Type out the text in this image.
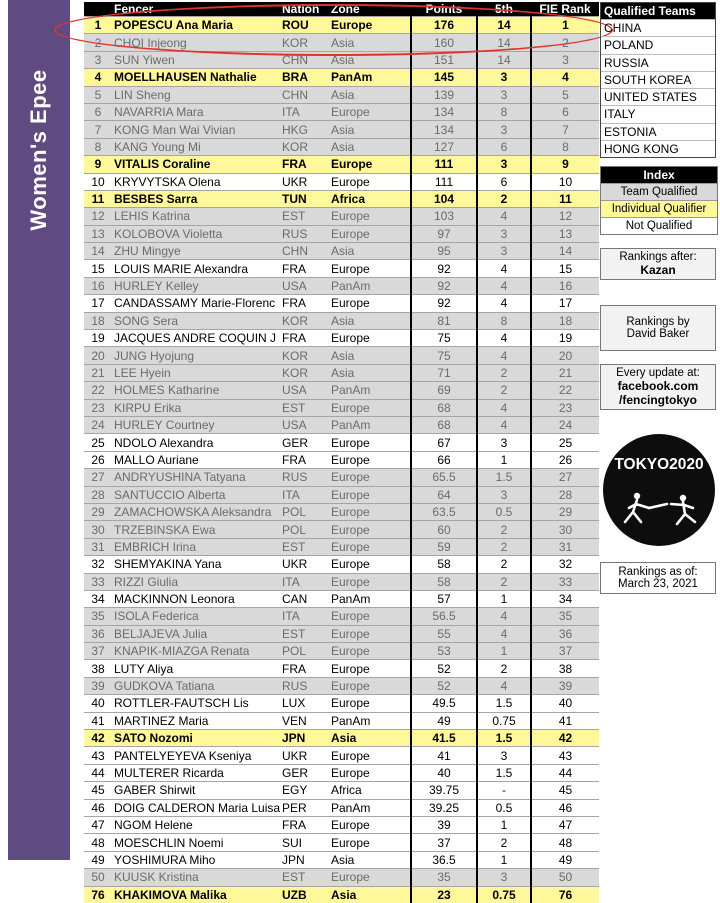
Women's Epee
	Fencer	Nation	Zone	Points	5th	FIE Rank
1	POPESCU Ana Maria	ROU	Europe	176	14	1
2	CHOI Injeong	KOR	Asia	160	14	2
3	SUN Yiwen	CHN	Asia	151	14	3
4	MOELLHAUSEN Nathalie	BRA	PanAm	145	3	4
5	LIN Sheng	CHN	Asia	139	3	5
6	NAVARRIA Mara	ITA	Europe	134	8	6
7	KONG Man Wai Vivian	HKG	Asia	134	3	7
8	KANG Young Mi	KOR	Asia	127	6	8
9	VITALIS Coraline	FRA	Europe	111	3	9
10	KRYVYTSKA Olena	UKR	Europe	111	6	10
11	BESBES Sarra	TUN	Africa	104	2	11
12	LEHIS Katrina	EST	Europe	103	4	12
13	KOLOBOVA Violetta	RUS	Europe	97	3	13
14	ZHU Mingye	CHN	Asia	95	3	14
15	LOUIS MARIE Alexandra	FRA	Europe	92	4	15
16	HURLEY Kelley	USA	PanAm	92	4	16
17	CANDASSAMY Marie-Florenc	FRA	Europe	92	4	17
18	SONG Sera	KOR	Asia	81	8	18
19	JACQUES ANDRE COQUIN J	FRA	Europe	75	4	19
20	JUNG Hyojung	KOR	Asia	75	4	20
21	LEE Hyein	KOR	Asia	71	2	21
22	HOLMES Katharine	USA	PanAm	69	2	22
23	KIRPU Erika	EST	Europe	68	4	23
24	HURLEY Courtney	USA	PanAm	68	4	24
25	NDOLO Alexandra	GER	Europe	67	3	25
26	MALLO Auriane	FRA	Europe	66	1	26
27	ANDRYUSHINA Tatyana	RUS	Europe	65.5	1.5	27
28	SANTUCCIO Alberta	ITA	Europe	64	3	28
29	ZAMACHOWSKA Aleksandra	POL	Europe	63.5	0.5	29
30	TRZEBINSKA Ewa	POL	Europe	60	2	30
31	EMBRICH Irina	EST	Europe	59	2	31
32	SHEMYAKINA Yana	UKR	Europe	58	2	32
33	RIZZI Giulia	ITA	Europe	58	2	33
34	MACKINNON Leonora	CAN	PanAm	57	1	34
35	ISOLA Federica	ITA	Europe	56.5	4	35
36	BELJAJEVA Julia	EST	Europe	55	4	36
37	KNAPIK-MIAZGA Renata	POL	Europe	53	1	37
38	LUTY Aliya	FRA	Europe	52	2	38
39	GUDKOVA Tatiana	RUS	Europe	52	4	39
40	ROTTLER-FAUTSCH Lis	LUX	Europe	49.5	1.5	40
41	MARTINEZ Maria	VEN	PanAm	49	0.75	41
42	SATO Nozomi	JPN	Asia	41.5	1.5	42
43	PANTELYEYEVA Kseniya	UKR	Europe	41	3	43
44	MULTERER Ricarda	GER	Europe	40	1.5	44
45	GABER Shirwit	EGY	Africa	39.75	-	45
46	DOIG CALDERON Maria Luisa	PER	PanAm	39.25	0.5	46
47	NGOM Helene	FRA	Europe	39	1	47
48	MOESCHLIN Noemi	SUI	Europe	37	2	48
49	YOSHIMURA Miho	JPN	Asia	36.5	1	49
50	KUUSK Kristina	EST	Europe	35	3	50
76	KHAKIMOVA Malika	UZB	Asia	23	0.75	76
Qualified Teams
CHINA
POLAND
RUSSIA
SOUTH KOREA
UNITED STATES
ITALY
ESTONIA
HONG KONG
Index
Team Qualified
Individual Qualifier
Not Qualified
Rankings after:
Kazan
Rankings by David Baker
Every update at:
facebook.com
/fencingtokyo
TOKYO2020
Rankings as of:
March 23, 2021
